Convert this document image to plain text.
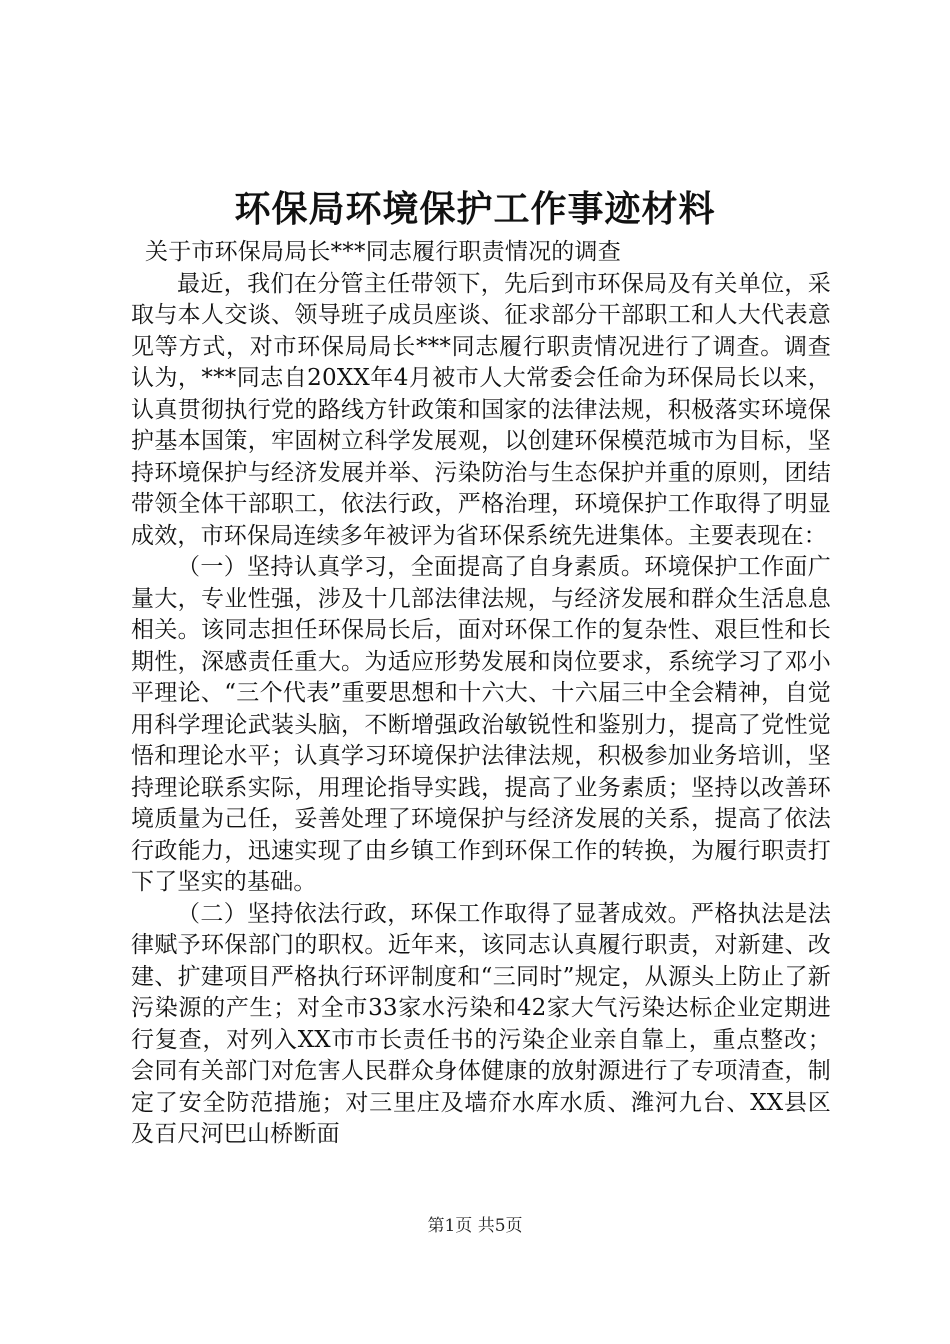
环保局环境保护工作事迹材料

关于市环保局局长***同志履行职责情况的调查

最近，我们在分管主任带领下，先后到市环保局及有关单位，采取与本人交谈、领导班子成员座谈、征求部分干部职工和人大代表意见等方式，对市环保局局长***同志履行职责情况进行了调查。调查认为，***同志自20XX年4月被市人大常委会任命为环保局长以来，认真贯彻执行党的路线方针政策和国家的法律法规，积极落实环境保护基本国策，牢固树立科学发展观，以创建环保模范城市为目标，坚持环境保护与经济发展并举、污染防治与生态保护并重的原则，团结带领全体干部职工，依法行政，严格治理，环境保护工作取得了明显成效，市环保局连续多年被评为省环保系统先进集体。主要表现在：

（一）坚持认真学习，全面提高了自身素质。环境保护工作面广量大，专业性强，涉及十几部法律法规，与经济发展和群众生活息息相关。该同志担任环保局长后，面对环保工作的复杂性、艰巨性和长期性，深感责任重大。为适应形势发展和岗位要求，系统学习了邓小平理论、“三个代表”重要思想和十六大、十六届三中全会精神，自觉用科学理论武装头脑，不断增强政治敏锐性和鉴别力，提高了党性觉悟和理论水平；认真学习环境保护法律法规，积极参加业务培训，坚持理论联系实际，用理论指导实践，提高了业务素质；坚持以改善环境质量为己任，妥善处理了环境保护与经济发展的关系，提高了依法行政能力，迅速实现了由乡镇工作到环保工作的转换，为履行职责打下了坚实的基础。

（二）坚持依法行政，环保工作取得了显著成效。严格执法是法律赋予环保部门的职权。近年来，该同志认真履行职责，对新建、改建、扩建项目严格执行环评制度和“三同时”规定，从源头上防止了新污染源的产生；对全市33家水污染和42家大气污染达标企业定期进行复查，对列入XX市市长责任书的污染企业亲自靠上，重点整改；会同有关部门对危害人民群众身体健康的放射源进行了专项清查，制定了安全防范措施；对三里庄及墙夼水库水质、潍河九台、XX县区及百尺河巴山桥断面

第1页 共5页
